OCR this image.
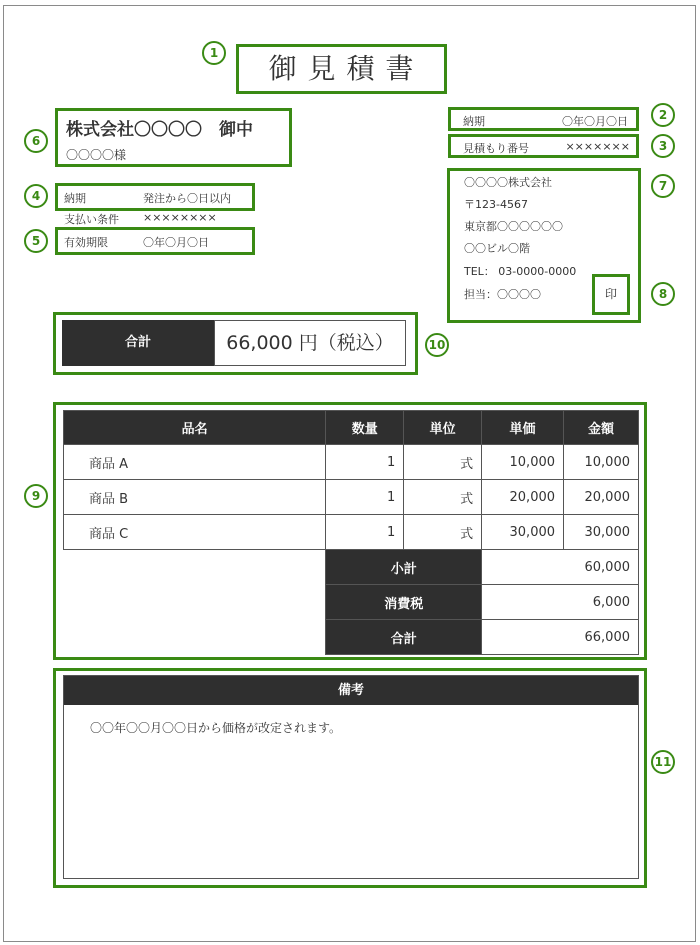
御 見 積 書
1
株式会社〇〇〇〇　御中
〇〇〇〇様
6
納期	〇年〇月〇日	2
見積もり番号	×××××××	3
納期	発注から〇日以内
4
支払い条件 ××××××××
有効期限	〇年〇月〇日
5
〇〇〇〇株式会社
〒123-4567
東京都〇〇〇〇〇〇
〇〇ビル〇階
TEL： 03-0000-0000
担当：〇〇〇〇	印
7
8
合計	66,000 円（税込）	10
9
品名	数量	単位	単価	金額
商品 A	1	式	10,000	10,000
商品 B	1	式	20,000	20,000
商品 C	1	式	30,000	30,000
	小計		60,000	
	消費税		6,000	
	合計		66,000	
備考
〇〇年〇〇月〇〇日から価格が改定されます。
11
